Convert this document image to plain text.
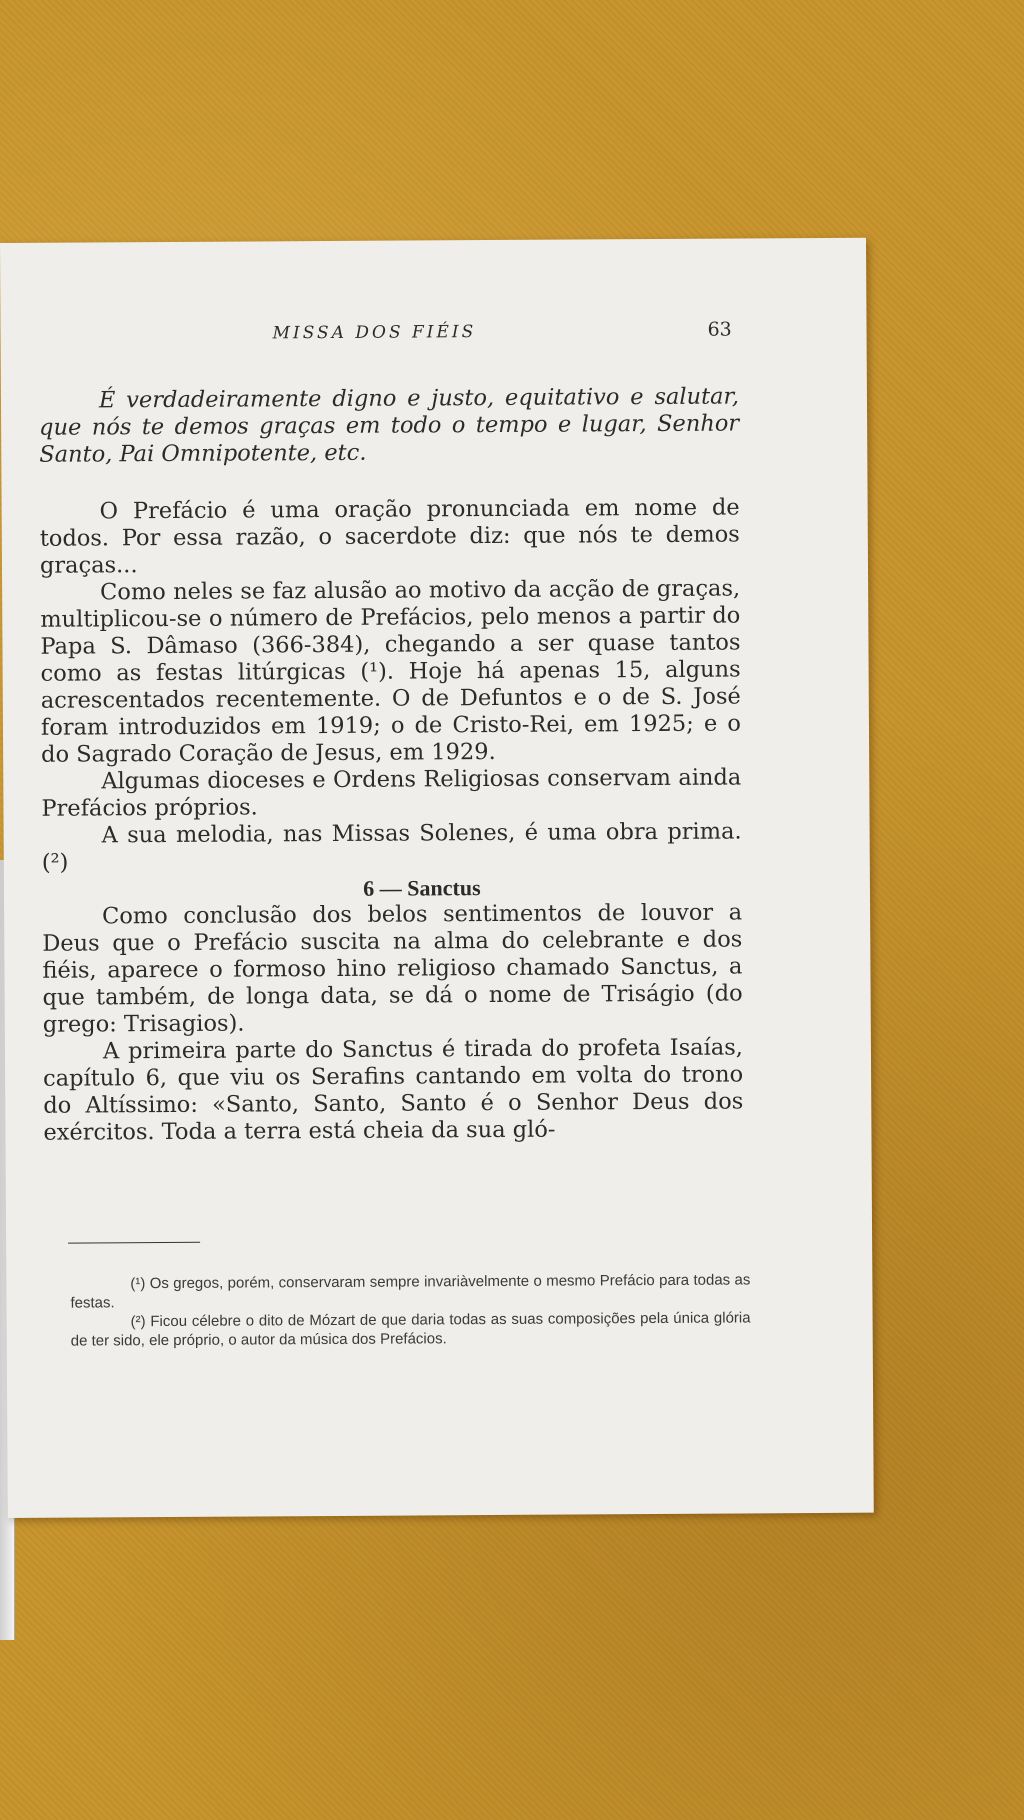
MISSA DOS FIÉIS	63

É verdadeiramente digno e justo, equitativo e salutar, que nós te demos graças em todo o tempo e lugar, Senhor Santo, Pai Omnipotente, etc.

O Prefácio é uma oração pronunciada em nome de todos. Por essa razão, o sacerdote diz: que nós te demos graças...

Como neles se faz alusão ao motivo da acção de graças, multiplicou-se o número de Prefácios, pelo menos a partir do Papa S. Dâmaso (366-384), chegando a ser quase tantos como as festas litúrgicas (¹). Hoje há apenas 15, alguns acrescentados recentemente. O de Defuntos e o de S. José foram introduzidos em 1919; o de Cristo-Rei, em 1925; e o do Sagrado Coração de Jesus, em 1929.

Algumas dioceses e Ordens Religiosas conservam ainda Prefácios próprios.

A sua melodia, nas Missas Solenes, é uma obra prima. (²)

6 — Sanctus

Como conclusão dos belos sentimentos de louvor a Deus que o Prefácio suscita na alma do celebrante e dos fiéis, aparece o formoso hino religioso chamado Sanctus, a que também, de longa data, se dá o nome de Triságio (do grego: Trisagios).

A primeira parte do Sanctus é tirada do profeta Isaías, capítulo 6, que viu os Serafins cantando em volta do trono do Altíssimo: «Santo, Santo, Santo é o Senhor Deus dos exércitos. Toda a terra está cheia da sua gló-

(¹) Os gregos, porém, conservaram sempre invariàvelmente o mesmo Prefácio para todas as festas.

(²) Ficou célebre o dito de Mózart de que daria todas as suas composições pela única glória de ter sido, ele próprio, o autor da música dos Prefácios.
